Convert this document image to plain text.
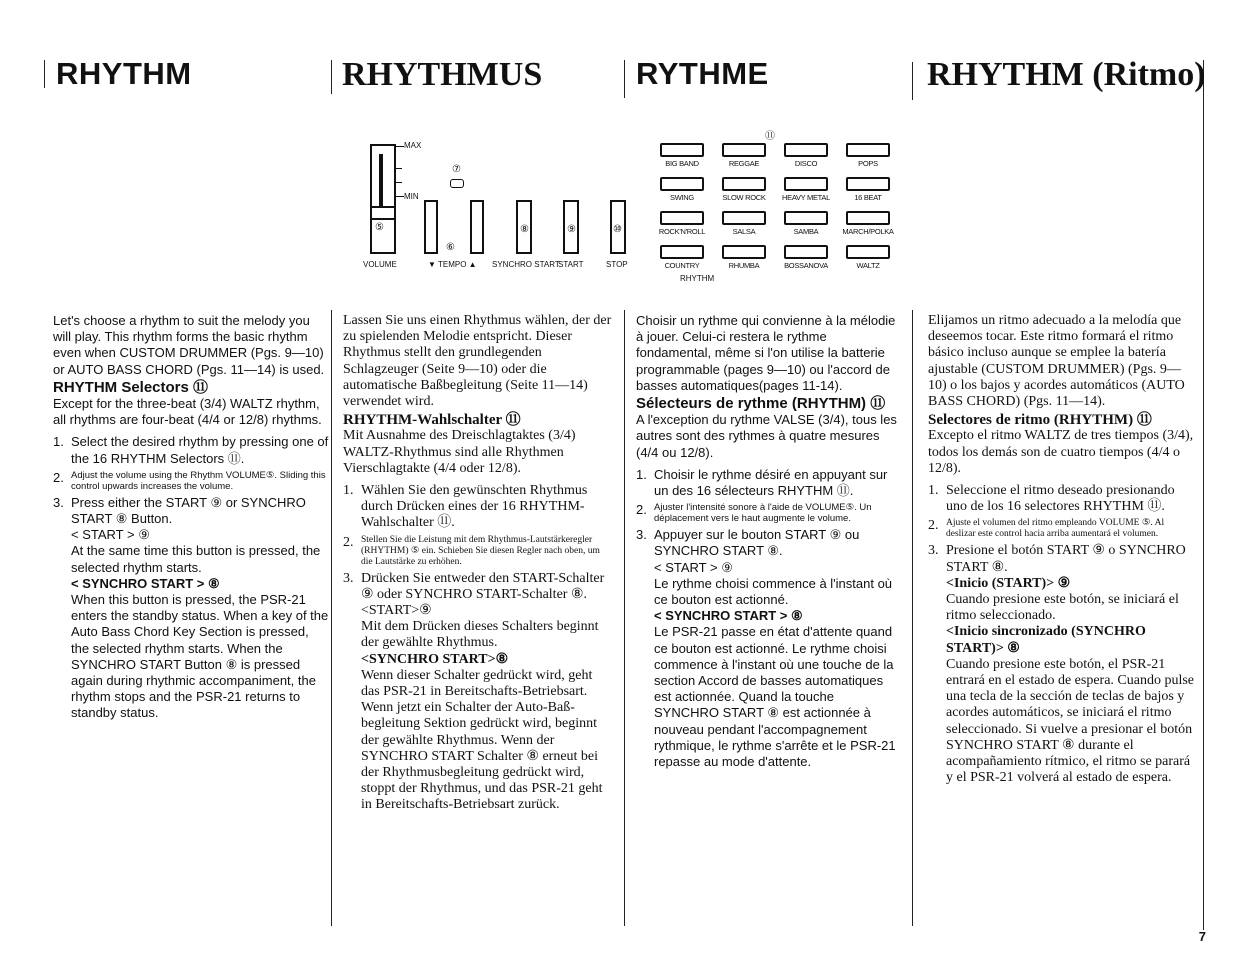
RHYTHM	RHYTHMUS	RYTHME	RHYTHM (Ritmo)
MAX
MIN
⑤
⑦
⑥
⑧	⑨	⑩
VOLUME	▼ TEMPO ▲ SYNCHRO START
START	STOP
⑪
BIG BAND	REGGAE	DISCO	POPS
SWING	SLOW ROCK	HEAVY METAL	16 BEAT
ROCK'N'ROLL	SALSA	SAMBA	MARCH/POLKA
COUNTRY	RHUMBA	BOSSANOVA	WALTZ
RHYTHM

Let's choose a rhythm to suit the melody you will play. This rhythm forms the basic rhythm even when CUSTOM DRUMMER (Pgs. 9—10) or AUTO BASS CHORD (Pgs. 11—14) is used.

RHYTHM Selectors ⑪

Except for the three-beat (3/4) WALTZ rhythm, all rhythms are four-beat (4/4 or 12/8) rhythms.

1. Select the desired rhythm by pressing one of the 16 RHYTHM Selectors ⑪.
2. Adjust the volume using the Rhythm VOLUME⑤. Sliding this control upwards increases the volume.
3. Press either the START ⑨ or SYNCHRO START ⑧ Button.
< START > ⑨
At the same time this button is pressed, the selected rhythm starts.
< SYNCHRO START > ⑧
When this button is pressed, the PSR-21 enters the standby status. When a key of the Auto Bass Chord Key Section is pressed, the selected rhythm starts. When the SYNCHRO START Button ⑧ is pressed again during rhythmic accompaniment, the rhythm stops and the PSR-21 returns to standby status.

Lassen Sie uns einen Rhythmus wählen, der der zu spielenden Melodie entspricht. Dieser Rhythmus stellt den grundlegenden Schlagzeuger (Seite 9—10) oder die automatische Baßbegleitung (Seite 11—14) verwendet wird.

RHYTHM-Wahlschalter ⑪

Mit Ausnahme des Dreischlagtaktes (3/4) WALTZ-Rhythmus sind alle Rhythmen Vierschlagtakte (4/4 oder 12/8).

1. Wählen Sie den gewünschten Rhythmus durch Drücken eines der 16 RHYTHM-Wahlschalter ⑪.
2. Stellen Sie die Leistung mit dem Rhythmus-Lautstärkeregler (RHYTHM) ⑤ ein. Schieben Sie diesen Regler nach oben, um die Lautstärke zu erhöhen.
3. Drücken Sie entweder den START-Schalter ⑨ oder SYNCHRO START-Schalter ⑧.
<START>⑨
Mit dem Drücken dieses Schalters beginnt der gewählte Rhythmus.
<SYNCHRO START>⑧
Wenn dieser Schalter gedrückt wird, geht das PSR-21 in Bereitschafts-Betriebsart. Wenn jetzt ein Schalter der Auto-Baß-begleitung Sektion gedrückt wird, beginnt der gewählte Rhythmus. Wenn der SYNCHRO START Schalter ⑧ erneut bei der Rhythmusbegleitung gedrückt wird, stoppt der Rhythmus, und das PSR-21 geht in Bereitschafts-Betriebsart zurück.

Choisir un rythme qui convienne à la mélodie à jouer. Celui-ci restera le rythme fondamental, même si l'on utilise la batterie programmable (pages 9—10) ou l'accord de basses automatiques(pages 11-14).

Sélecteurs de rythme (RHYTHM) ⑪

A l'exception du rythme VALSE (3/4), tous les autres sont des rythmes à quatre mesures (4/4 ou 12/8).

1. Choisir le rythme désiré en appuyant sur un des 16 sélecteurs RHYTHM ⑪.
2. Ajuster l'intensité sonore à l'aide de VOLUME⑤. Un déplacement vers le haut augmente le volume.
3. Appuyer sur le bouton START ⑨ ou SYNCHRO START ⑧.
< START > ⑨
Le rythme choisi commence à l'instant où ce bouton est actionné.
< SYNCHRO START > ⑧
Le PSR-21 passe en état d'attente quand ce bouton est actionné. Le rythme choisi commence à l'instant où une touche de la section Accord de basses automatiques est actionnée. Quand la touche SYNCHRO START ⑧ est actionnée à nouveau pendant l'accompagnement rythmique, le rythme s'arrête et le PSR-21 repasse au mode d'attente.

Elijamos un ritmo adecuado a la melodía que deseemos tocar. Este ritmo formará el ritmo básico incluso aunque se emplee la batería ajustable (CUSTOM DRUMMER) (Pgs. 9—10) o los bajos y acordes automáticos (AUTO BASS CHORD) (Pgs. 11—14).

Selectores de ritmo (RHYTHM) ⑪

Excepto el ritmo WALTZ de tres tiempos (3/4), todos los demás son de cuatro tiempos (4/4 o 12/8).

1. Seleccione el ritmo deseado presionando uno de los 16 selectores RHYTHM ⑪.
2. Ajuste el volumen del ritmo empleando VOLUME ⑤. Al deslizar este control hacia arriba aumentará el volumen.
3. Presione el botón START ⑨ o SYNCHRO START ⑧.
<Inicio (START)> ⑨
Cuando presione este botón, se iniciará el ritmo seleccionado.
<Inicio sincronizado (SYNCHRO START)> ⑧
Cuando presione este botón, el PSR-21 entrará en el estado de espera. Cuando pulse una tecla de la sección de teclas de bajos y acordes automáticos, se iniciará el ritmo seleccionado. Si vuelve a presionar el botón SYNCHRO START ⑧ durante el acompañamiento rítmico, el ritmo se parará y el PSR-21 volverá al estado de espera.
7
